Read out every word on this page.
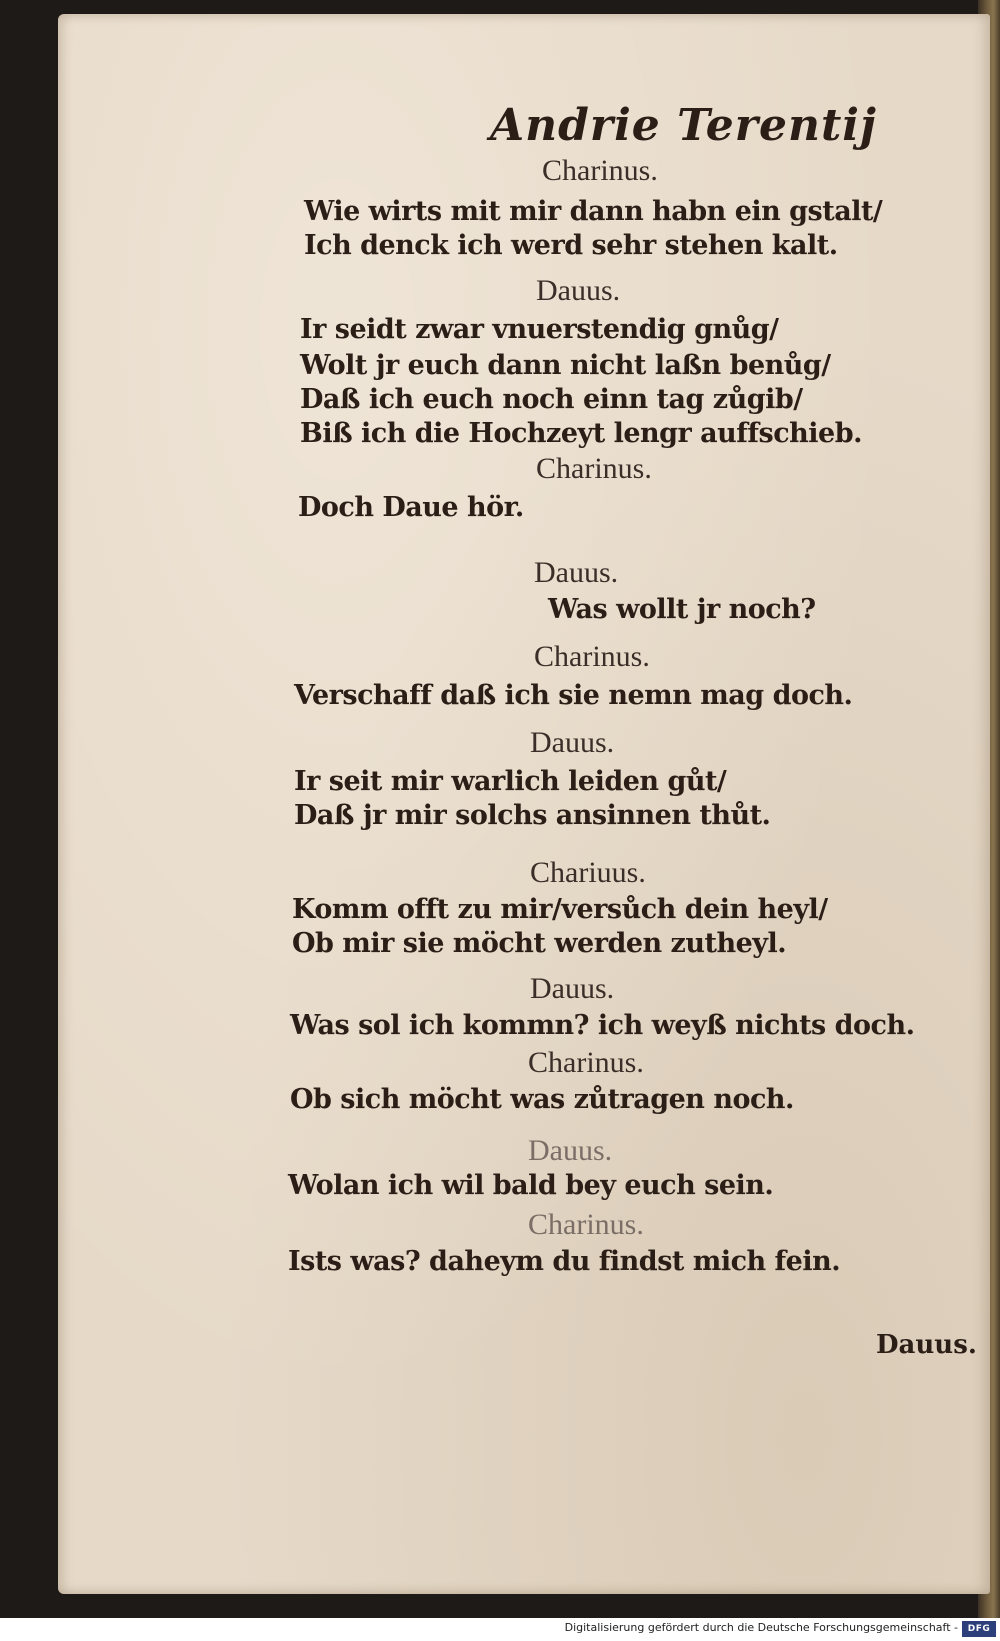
Andrie Terentij
Charinus.
Wie wirts mit mir dann habn ein gstalt/
Ich denck ich werd sehr stehen kalt.
Dauus.
Ir seidt zwar vnuerstendig gnůg/
Wolt jr euch dann nicht laßn benůg/
Daß ich euch noch einn tag zůgib/
Biß ich die Hochzeyt lengr auffschieb.
Charinus.
Doch Daue hör.
Dauus.
Was wollt jr noch?
Charinus.
Verschaff daß ich sie nemn mag doch.
Dauus.
Ir seit mir warlich leiden gůt/
Daß jr mir solchs ansinnen thůt.
Chariuus.
Komm offt zu mir/versůch dein heyl/
Ob mir sie möcht werden zutheyl.
Dauus.
Was sol ich kommn? ich weyß nichts doch.
Charinus.
Ob sich möcht was zůtragen noch.
Dauus.
Wolan ich wil bald bey euch sein.
Charinus.
Ists was? daheym du findst mich fein.
Dauus.
Digitalisierung gefördert durch die Deutsche Forschungsgemeinschaft -	DFG
